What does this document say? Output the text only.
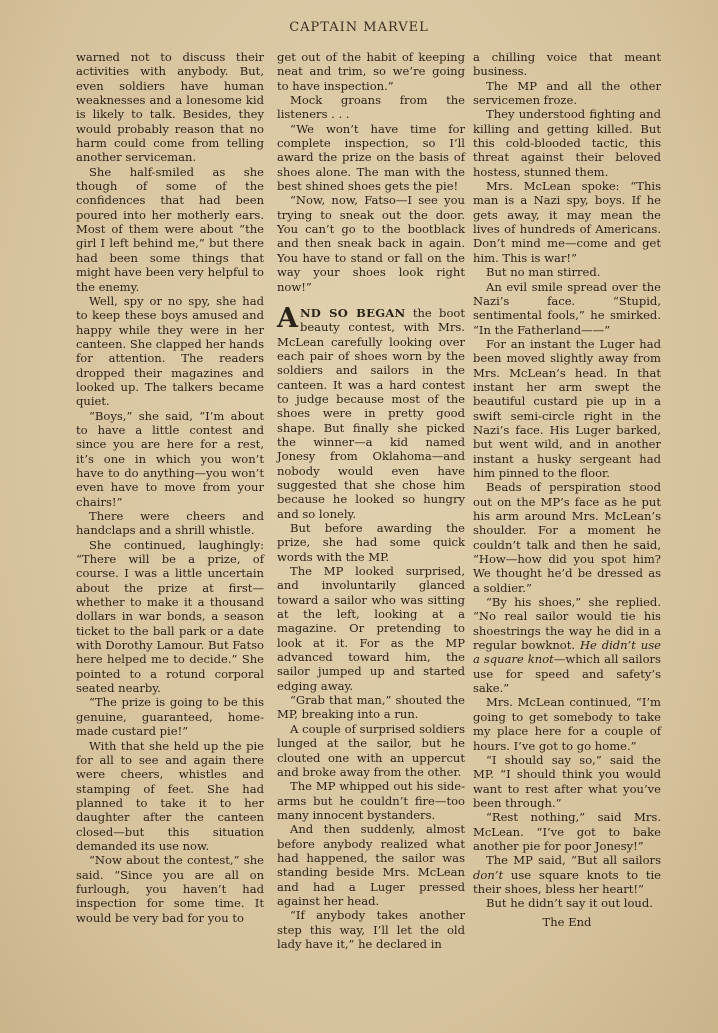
CAPTAIN MARVEL

warned not to discuss their activities with anybody. But, even soldiers have human weaknesses and a lonesome kid is likely to talk. Besides, they would probably reason that no harm could come from telling another serviceman.

She half-smiled as she though of some of the confidences that had been poured into her motherly ears. Most of them were about “the girl I left behind me,” but there had been some things that might have been very helpful to the enemy.

Well, spy or no spy, she had to keep these boys amused and happy while they were in her canteen. She clapped her hands for attention. The readers dropped their magazines and looked up. The talkers became quiet.

“Boys,” she said, “I’m about to have a little contest and since you are here for a rest, it’s one in which you won’t have to do anything—you won’t even have to move from your chairs!”

There were cheers and handclaps and a shrill whistle.

She continued, laughingly: “There will be a prize, of course. I was a little uncertain about the prize at first—whether to make it a thousand dollars in war bonds, a season ticket to the ball park or a date with Dorothy Lamour. But Fatso here helped me to decide.” She pointed to a rotund corporal seated nearby.

“The prize is going to be this genuine, guaranteed, home-made custard pie!”

With that she held up the pie for all to see and again there were cheers, whistles and stamping of feet. She had planned to take it to her daughter after the canteen closed—but this situation demanded its use now.

“Now about the contest,” she said. “Since you are all on furlough, you haven’t had inspection for some time. It would be very bad for you to

get out of the habit of keeping neat and trim, so we’re going to have inspection.”

Mock groans from the listeners . . .

“We won’t have time for complete inspection, so I’ll award the prize on the basis of shoes alone. The man with the best shined shoes gets the pie!

“Now, now, Fatso—I see you trying to sneak out the door. You can’t go to the bootblack and then sneak back in again. You have to stand or fall on the way your shoes look right now!”

AND SO BEGAN the boot beauty contest, with Mrs. McLean carefully looking over each pair of shoes worn by the soldiers and sailors in the canteen. It was a hard contest to judge because most of the shoes were in pretty good shape. But finally she picked the winner—a kid named Jonesy from Oklahoma—and nobody would even have suggested that she chose him because he looked so hungry and so lonely.

But before awarding the prize, she had some quick words with the MP.

The MP looked surprised, and involuntarily glanced toward a sailor who was sitting at the left, looking at a magazine. Or pretending to look at it. For as the MP advanced toward him, the sailor jumped up and started edging away.

“Grab that man,” shouted the MP, breaking into a run.

A couple of surprised soldiers lunged at the sailor, but he clouted one with an uppercut and broke away from the other.

The MP whipped out his side-arms but he couldn’t fire—too many innocent bystanders.

And then suddenly, almost before anybody realized what had happened, the sailor was standing beside Mrs. McLean and had a Luger pressed against her head.

“If anybody takes another step this way, I’ll let the old lady have it,” he declared in

a chilling voice that meant business.

The MP and all the other servicemen froze.

They understood fighting and killing and getting killed. But this cold-blooded tactic, this threat against their beloved hostess, stunned them.

Mrs. McLean spoke: “This man is a Nazi spy, boys. If he gets away, it may mean the lives of hundreds of Americans. Don’t mind me—come and get him. This is war!”

But no man stirred.

An evil smile spread over the Nazi’s face. “Stupid, sentimental fools,” he smirked. “In the Fatherland——”

For an instant the Luger had been moved slightly away from Mrs. McLean’s head. In that instant her arm swept the beautiful custard pie up in a swift semi-circle right in the Nazi’s face. His Luger barked, but went wild, and in another instant a husky sergeant had him pinned to the floor.

Beads of perspiration stood out on the MP’s face as he put his arm around Mrs. McLean’s shoulder. For a moment he couldn’t talk and then he said, “How—how did you spot him? We thought he’d be dressed as a soldier.”

“By his shoes,” she replied. “No real sailor would tie his shoestrings the way he did in a regular bowknot. He didn’t use a square knot—which all sailors use for speed and safety’s sake.”

Mrs. McLean continued, “I’m going to get somebody to take my place here for a couple of hours. I’ve got to go home.”

“I should say so,” said the MP. “I should think you would want to rest after what you’ve been through.”

“Rest nothing,” said Mrs. McLean. “I’ve got to bake another pie for poor Jonesy!”

The MP said, “But all sailors don’t use square knots to tie their shoes, bless her heart!”

But he didn’t say it out loud.

The End
